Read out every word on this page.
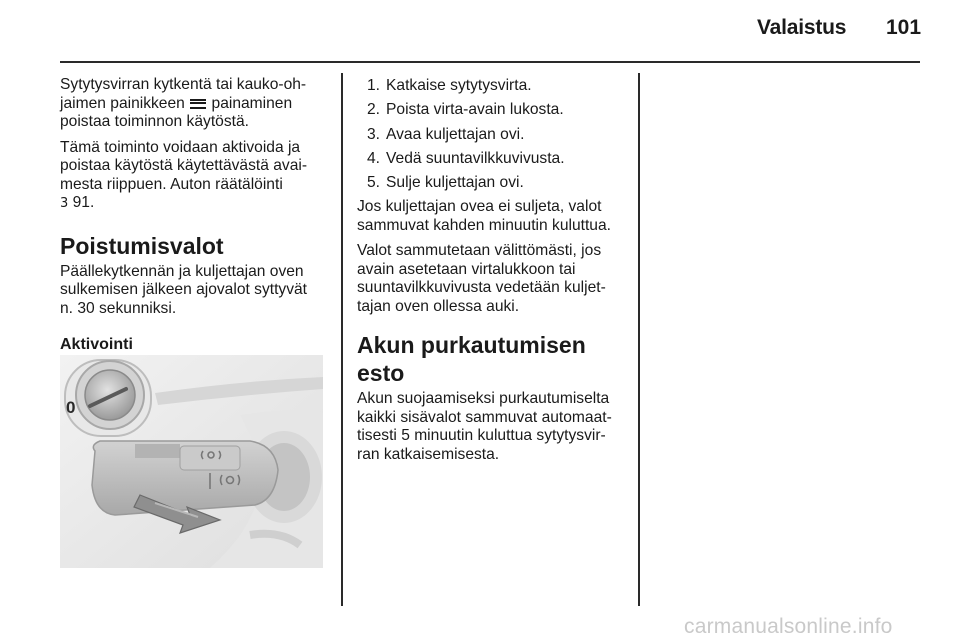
Valaistus 101

Sytytysvirran kytkentä tai kauko-oh-
jaimen painikkeen painaminen
poistaa toiminnon käytöstä.

Tämä toiminto voidaan aktivoida ja
poistaa käytöstä käytettävästä avai-
mesta riippuen. Auton räätälöinti
3 91.

Poistumisvalot

Päällekytkennän ja kuljettajan oven
sulkemisen jälkeen ajovalot syttyvät
n. 30 sekunniksi.

Aktivointi
0
1. Katkaise sytytysvirta.
2. Poista virta-avain lukosta.
3. Avaa kuljettajan ovi.
4. Vedä suuntavilkkuvivusta.
5. Sulje kuljettajan ovi.

Jos kuljettajan ovea ei suljeta, valot
sammuvat kahden minuutin kuluttua.

Valot sammutetaan välittömästi, jos
avain asetetaan virtalukkoon tai
suuntavilkkuvivusta vedetään kuljet-
tajan oven ollessa auki.

Akun purkautumisen esto

Akun suojaamiseksi purkautumiselta
kaikki sisävalot sammuvat automaat-
tisesti 5 minuutin kuluttua sytytysvir-
ran katkaisemisesta.

carmanualsonline.info
